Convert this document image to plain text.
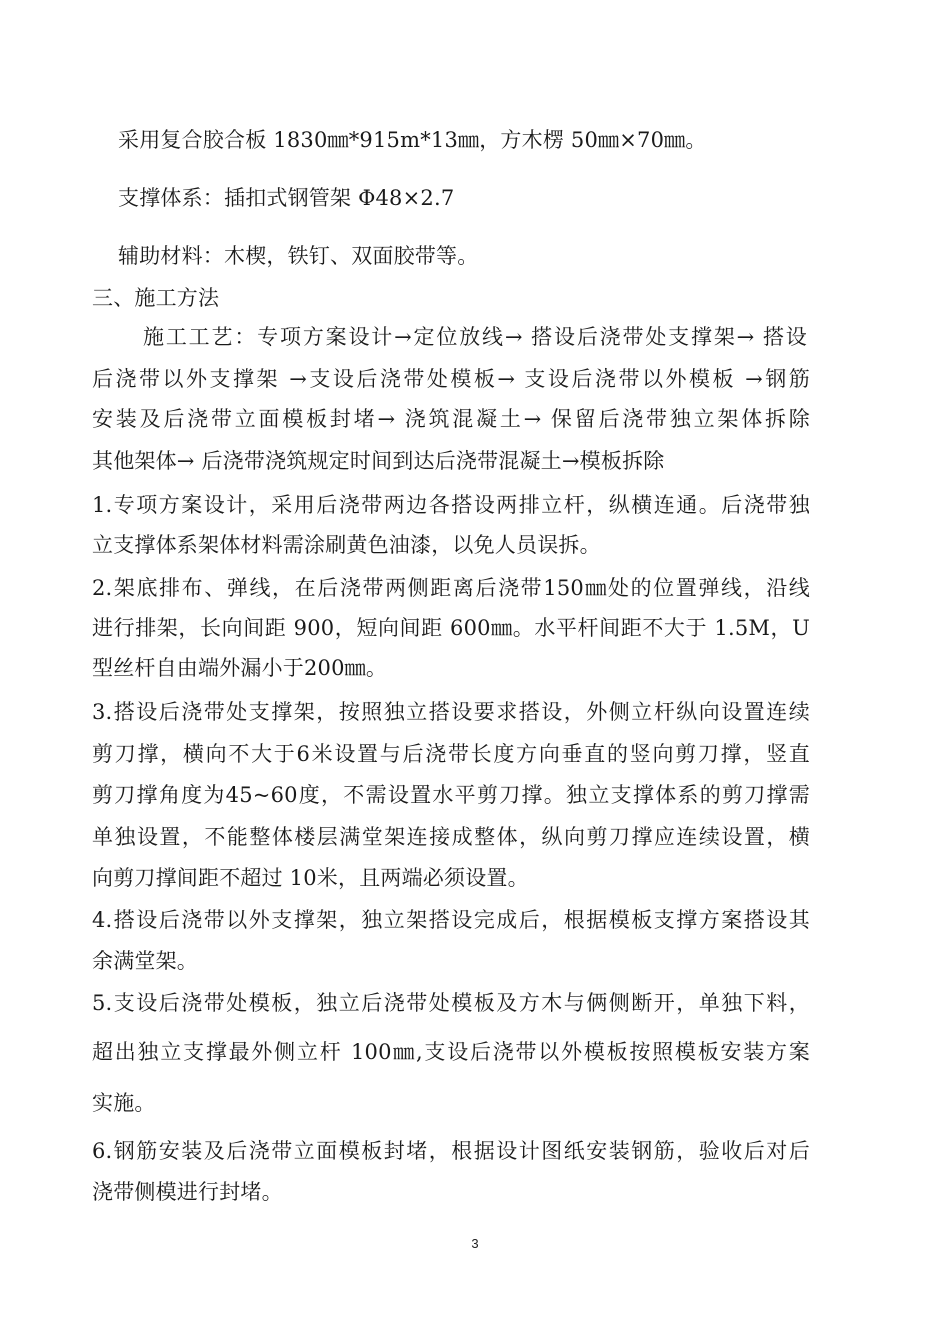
采用复合胶合板 1830㎜*915m*13㎜，方木楞 50㎜×70㎜。
支撑体系：插扣式钢管架 Φ48×2.7
辅助材料：木楔，铁钉、双面胶带等。
三、施工方法
施工工艺：专项方案设计→定位放线→ 搭设后浇带处支撑架→ 搭设
后浇带以外支撑架 →支设后浇带处模板→ 支设后浇带以外模板 →钢筋
安装及后浇带立面模板封堵→ 浇筑混凝土→ 保留后浇带独立架体拆除
其他架体→ 后浇带浇筑规定时间到达后浇带混凝土→模板拆除
1.专项方案设计，采用后浇带两边各搭设两排立杆，纵横连通。后浇带独
立支撑体系架体材料需涂刷黄色油漆，以免人员误拆。
2.架底排布、弹线，在后浇带两侧距离后浇带150㎜处的位置弹线，沿线
进行排架，长向间距 900，短向间距 600㎜。水平杆间距不大于 1.5M，U
型丝杆自由端外漏小于200㎜。
3.搭设后浇带处支撑架，按照独立搭设要求搭设，外侧立杆纵向设置连续
剪刀撑，横向不大于6米设置与后浇带长度方向垂直的竖向剪刀撑，竖直
剪刀撑角度为45~60度，不需设置水平剪刀撑。独立支撑体系的剪刀撑需
单独设置，不能整体楼层满堂架连接成整体，纵向剪刀撑应连续设置，横
向剪刀撑间距不超过 10米，且两端必须设置。
4.搭设后浇带以外支撑架，独立架搭设完成后，根据模板支撑方案搭设其
余满堂架。
5.支设后浇带处模板，独立后浇带处模板及方木与俩侧断开，单独下料，
超出独立支撑最外侧立杆 100㎜,支设后浇带以外模板按照模板安装方案
实施。
6.钢筋安装及后浇带立面模板封堵，根据设计图纸安装钢筋，验收后对后
浇带侧模进行封堵。
3
